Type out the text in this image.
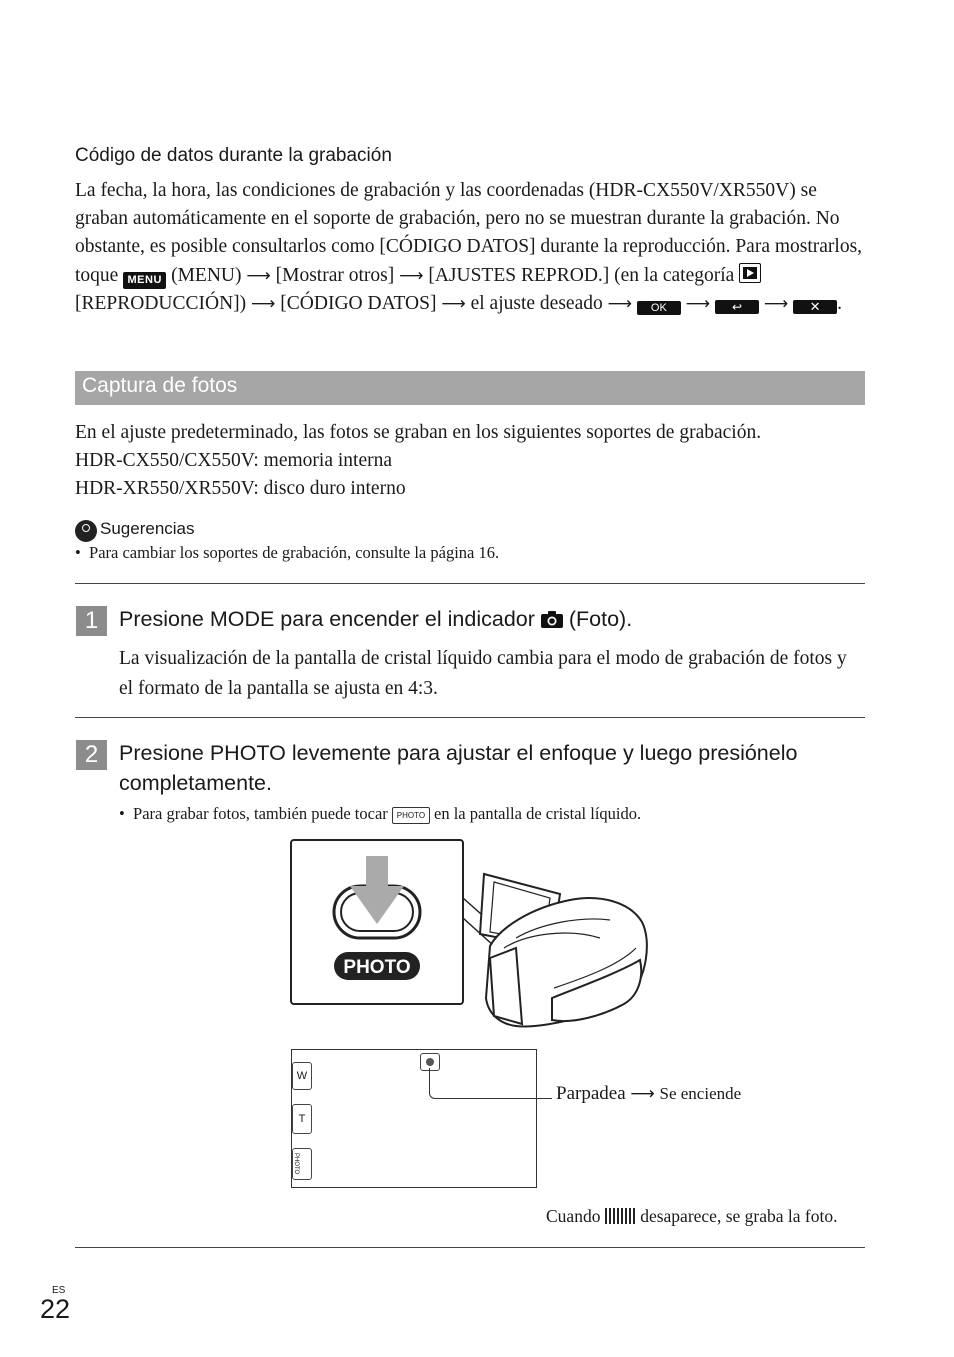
Código de datos durante la grabación
La fecha, la hora, las condiciones de grabación y las coordenadas (HDR-CX550V/XR550V) se graban automáticamente en el soporte de grabación, pero no se muestran durante la grabación. No obstante, es posible consultarlos como [CÓDIGO DATOS] durante la reproducción. Para mostrarlos, toque MENU (MENU) ⟶ [Mostrar otros] ⟶ [AJUSTES REPROD.] (en la categoría
[REPRODUCCIÓN]) ⟶ [CÓDIGO DATOS] ⟶ el ajuste deseado ⟶ OK ⟶ ↩ ⟶ ✕ .
Captura de fotos
En el ajuste predeterminado, las fotos se graban en los siguientes soportes de grabación.
HDR-CX550/CX550V: memoria interna
HDR-XR550/XR550V: disco duro interno
Sugerencias
•  Para cambiar los soportes de grabación, consulte la página 16.
1 Presione MODE para encender el indicador  (Foto).
La visualización de la pantalla de cristal líquido cambia para el modo de grabación de fotos y el formato de la pantalla se ajusta en 4:3.
2 Presione PHOTO levemente para ajustar el enfoque y luego presiónelo completamente.
•  Para grabar fotos, también puede tocar PHOTO en la pantalla de cristal líquido.
PHOTO
W
T
PHOTO
Parpadea ⟶ Se enciende
Cuando  desaparece, se graba la foto.
ES
22
